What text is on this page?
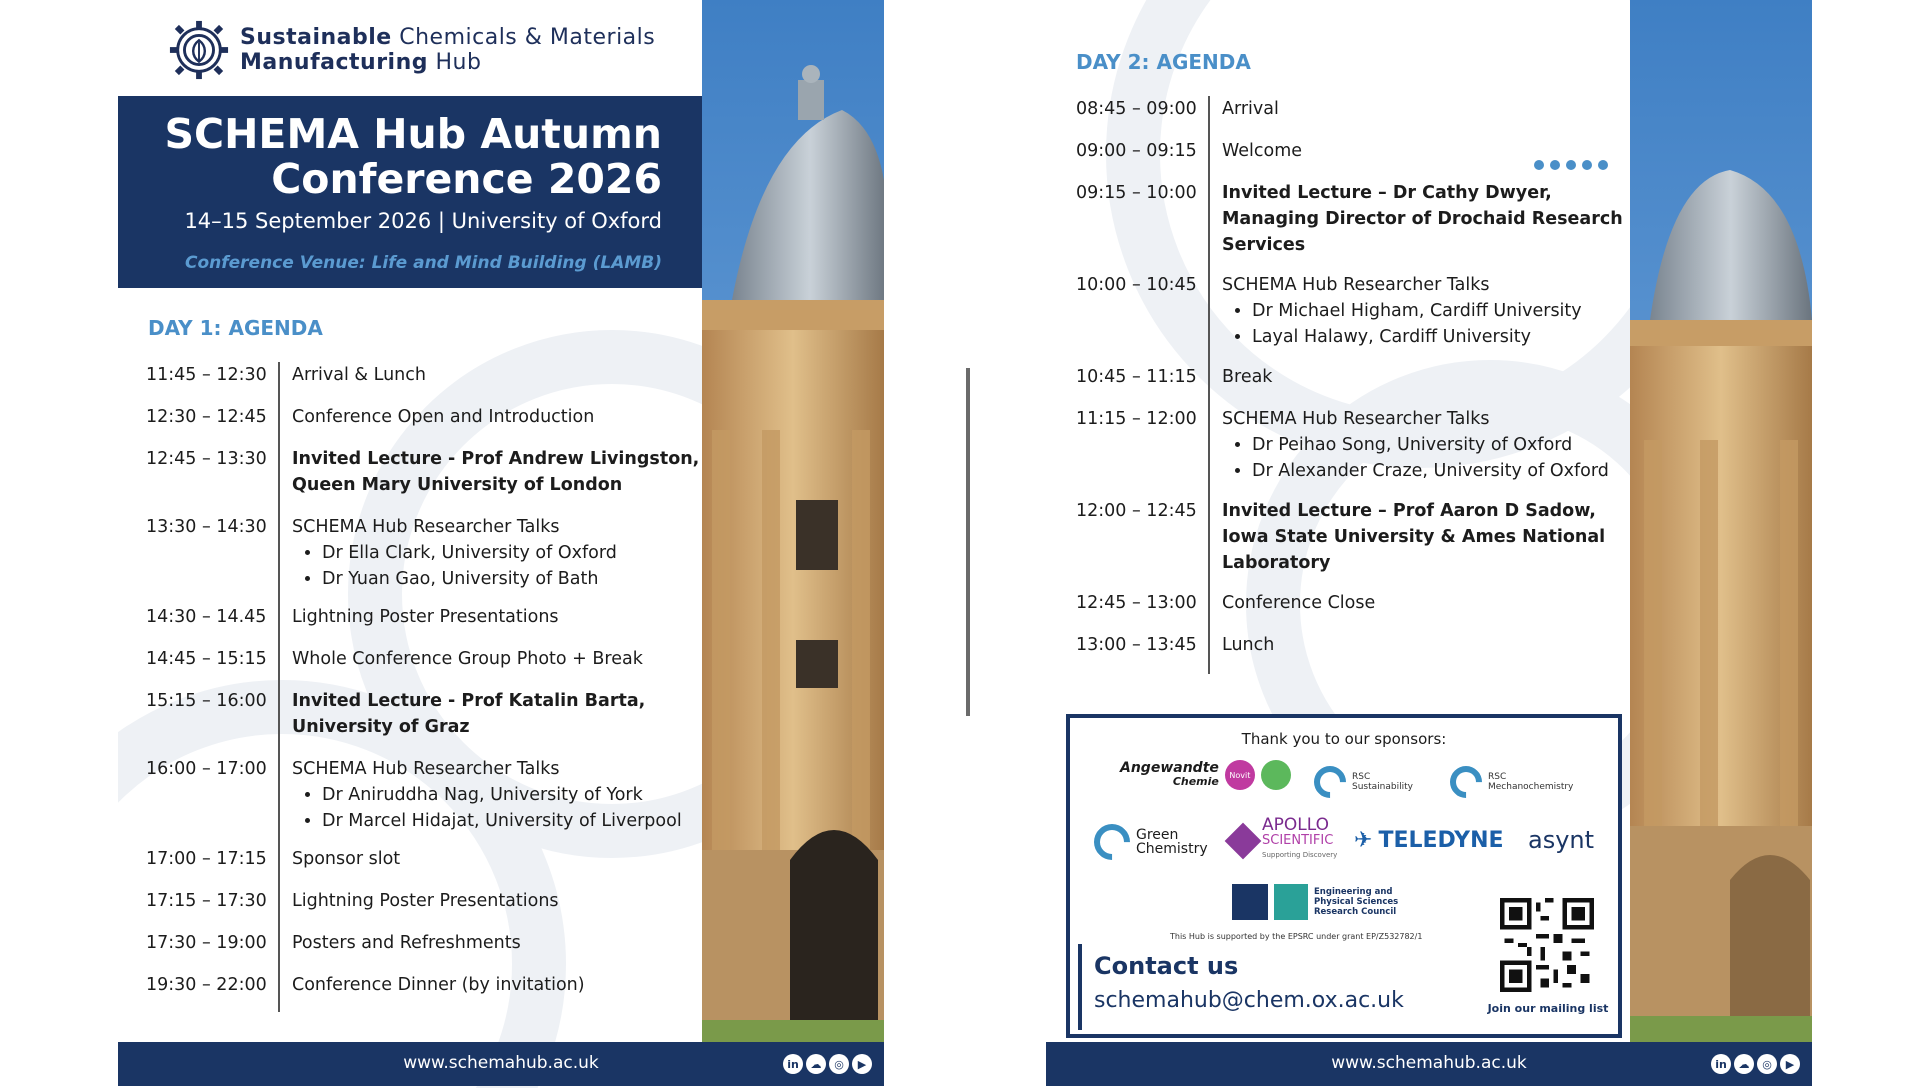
Sustainable Chemicals & Materials
Manufacturing Hub
SCHEMA Hub Autumn
Conference 2026
14–15 September 2026 | University of Oxford
Conference Venue: Life and Mind Building (LAMB)
DAY 1: AGENDA
11:45 – 12:30 Arrival & Lunch
12:30 – 12:45 Conference Open and Introduction
12:45 – 13:30 Invited Lecture - Prof Andrew Livingston,
Queen Mary University of London
13:30 – 14:30 SCHEMA Hub Researcher Talks
• Dr Ella Clark, University of Oxford
• Dr Yuan Gao, University of Bath
14:30 – 14.45 Lightning Poster Presentations
14:45 – 15:15 Whole Conference Group Photo + Break
15:15 – 16:00 Invited Lecture - Prof Katalin Barta,
University of Graz
16:00 – 17:00 SCHEMA Hub Researcher Talks
• Dr Aniruddha Nag, University of York
• Dr Marcel Hidajat, University of Liverpool
17:00 – 17:15 Sponsor slot
17:15 – 17:30 Lightning Poster Presentations
17:30 – 19:00 Posters and Refreshments
19:30 – 22:00 Conference Dinner (by invitation)
www.schemahub.ac.uk	in	☁	◎	▶
DAY 2: AGENDA
08:45 – 09:00 Arrival
09:00 – 09:15 Welcome
09:15 – 10:00 Invited Lecture – Dr Cathy Dwyer,
Managing Director of Drochaid Research
Services
10:00 – 10:45 SCHEMA Hub Researcher Talks
• Dr Michael Higham, Cardiff University
• Layal Halawy, Cardiff University
10:45 – 11:15 Break
11:15 – 12:00 SCHEMA Hub Researcher Talks
• Dr Peihao Song, University of Oxford
• Dr Alexander Craze, University of Oxford
12:00 – 12:45 Invited Lecture – Prof Aaron D Sadow,
Iowa State University & Ames National
Laboratory
12:45 – 13:00 Conference Close
13:00 – 13:45 Lunch
Thank you to our sponsors:
Angewandte
Chemie	Novit	RSC
Sustainability
RSC
Mechanochemistry
Green
Chemistry
APOLLO
SCIENTIFIC
Supporting Discovery
✈ TELEDYNE asynt
Engineering and
Physical Sciences
Research Council
This Hub is supported by the EPSRC under grant EP/Z532782/1
Contact us
schemahub@chem.ox.ac.uk	Join our mailing list
www.schemahub.ac.uk	in	☁	◎	▶
